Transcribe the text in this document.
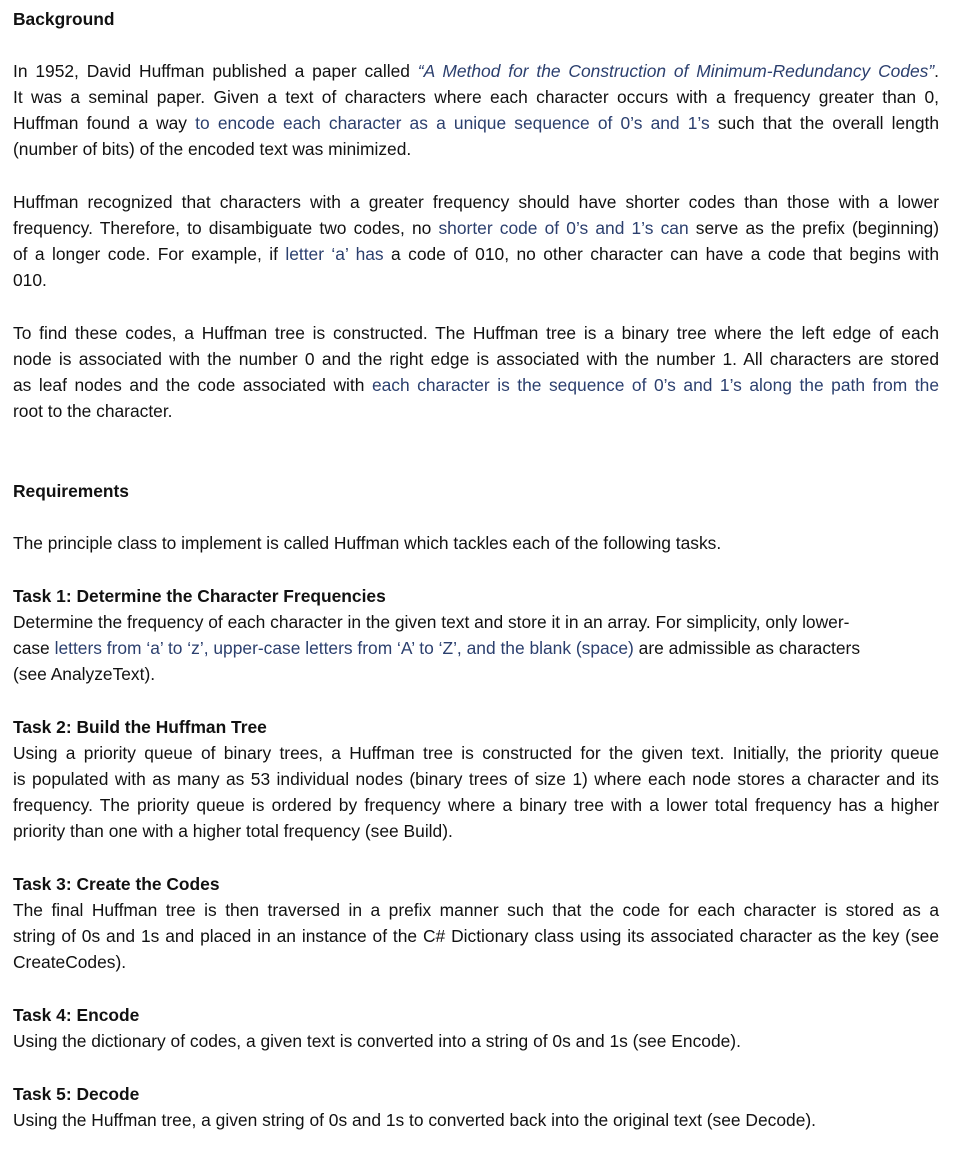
Background
In 1952, David Huffman published a paper called “A Method for the Construction of Minimum-Redundancy Codes”.
It was a seminal paper. Given a text of characters where each character occurs with a frequency greater than 0,
Huffman found a way to encode each character as a unique sequence of 0’s and 1’s such that the overall length
(number of bits) of the encoded text was minimized.
Huffman recognized that characters with a greater frequency should have shorter codes than those with a lower
frequency. Therefore, to disambiguate two codes, no shorter code of 0’s and 1’s can serve as the prefix (beginning)
of a longer code. For example, if letter ‘a’ has a code of 010, no other character can have a code that begins with
010.
To find these codes, a Huffman tree is constructed. The Huffman tree is a binary tree where the left edge of each
node is associated with the number 0 and the right edge is associated with the number 1. All characters are stored
as leaf nodes and the code associated with each character is the sequence of 0’s and 1’s along the path from the
root to the character.
Requirements
The principle class to implement is called Huffman which tackles each of the following tasks.
Task 1: Determine the Character Frequencies
Determine the frequency of each character in the given text and store it in an array. For simplicity, only lower-
case letters from ‘a’ to ‘z’, upper-case letters from ‘A’ to ‘Z’, and the blank (space) are admissible as characters
(see AnalyzeText).
Task 2: Build the Huffman Tree
Using a priority queue of binary trees, a Huffman tree is constructed for the given text. Initially, the priority queue
is populated with as many as 53 individual nodes (binary trees of size 1) where each node stores a character and its
frequency. The priority queue is ordered by frequency where a binary tree with a lower total frequency has a higher
priority than one with a higher total frequency (see Build).
Task 3: Create the Codes
The final Huffman tree is then traversed in a prefix manner such that the code for each character is stored as a
string of 0s and 1s and placed in an instance of the C# Dictionary class using its associated character as the key (see
CreateCodes).
Task 4: Encode
Using the dictionary of codes, a given text is converted into a string of 0s and 1s (see Encode).
Task 5: Decode
Using the Huffman tree, a given string of 0s and 1s to converted back into the original text (see Decode).
